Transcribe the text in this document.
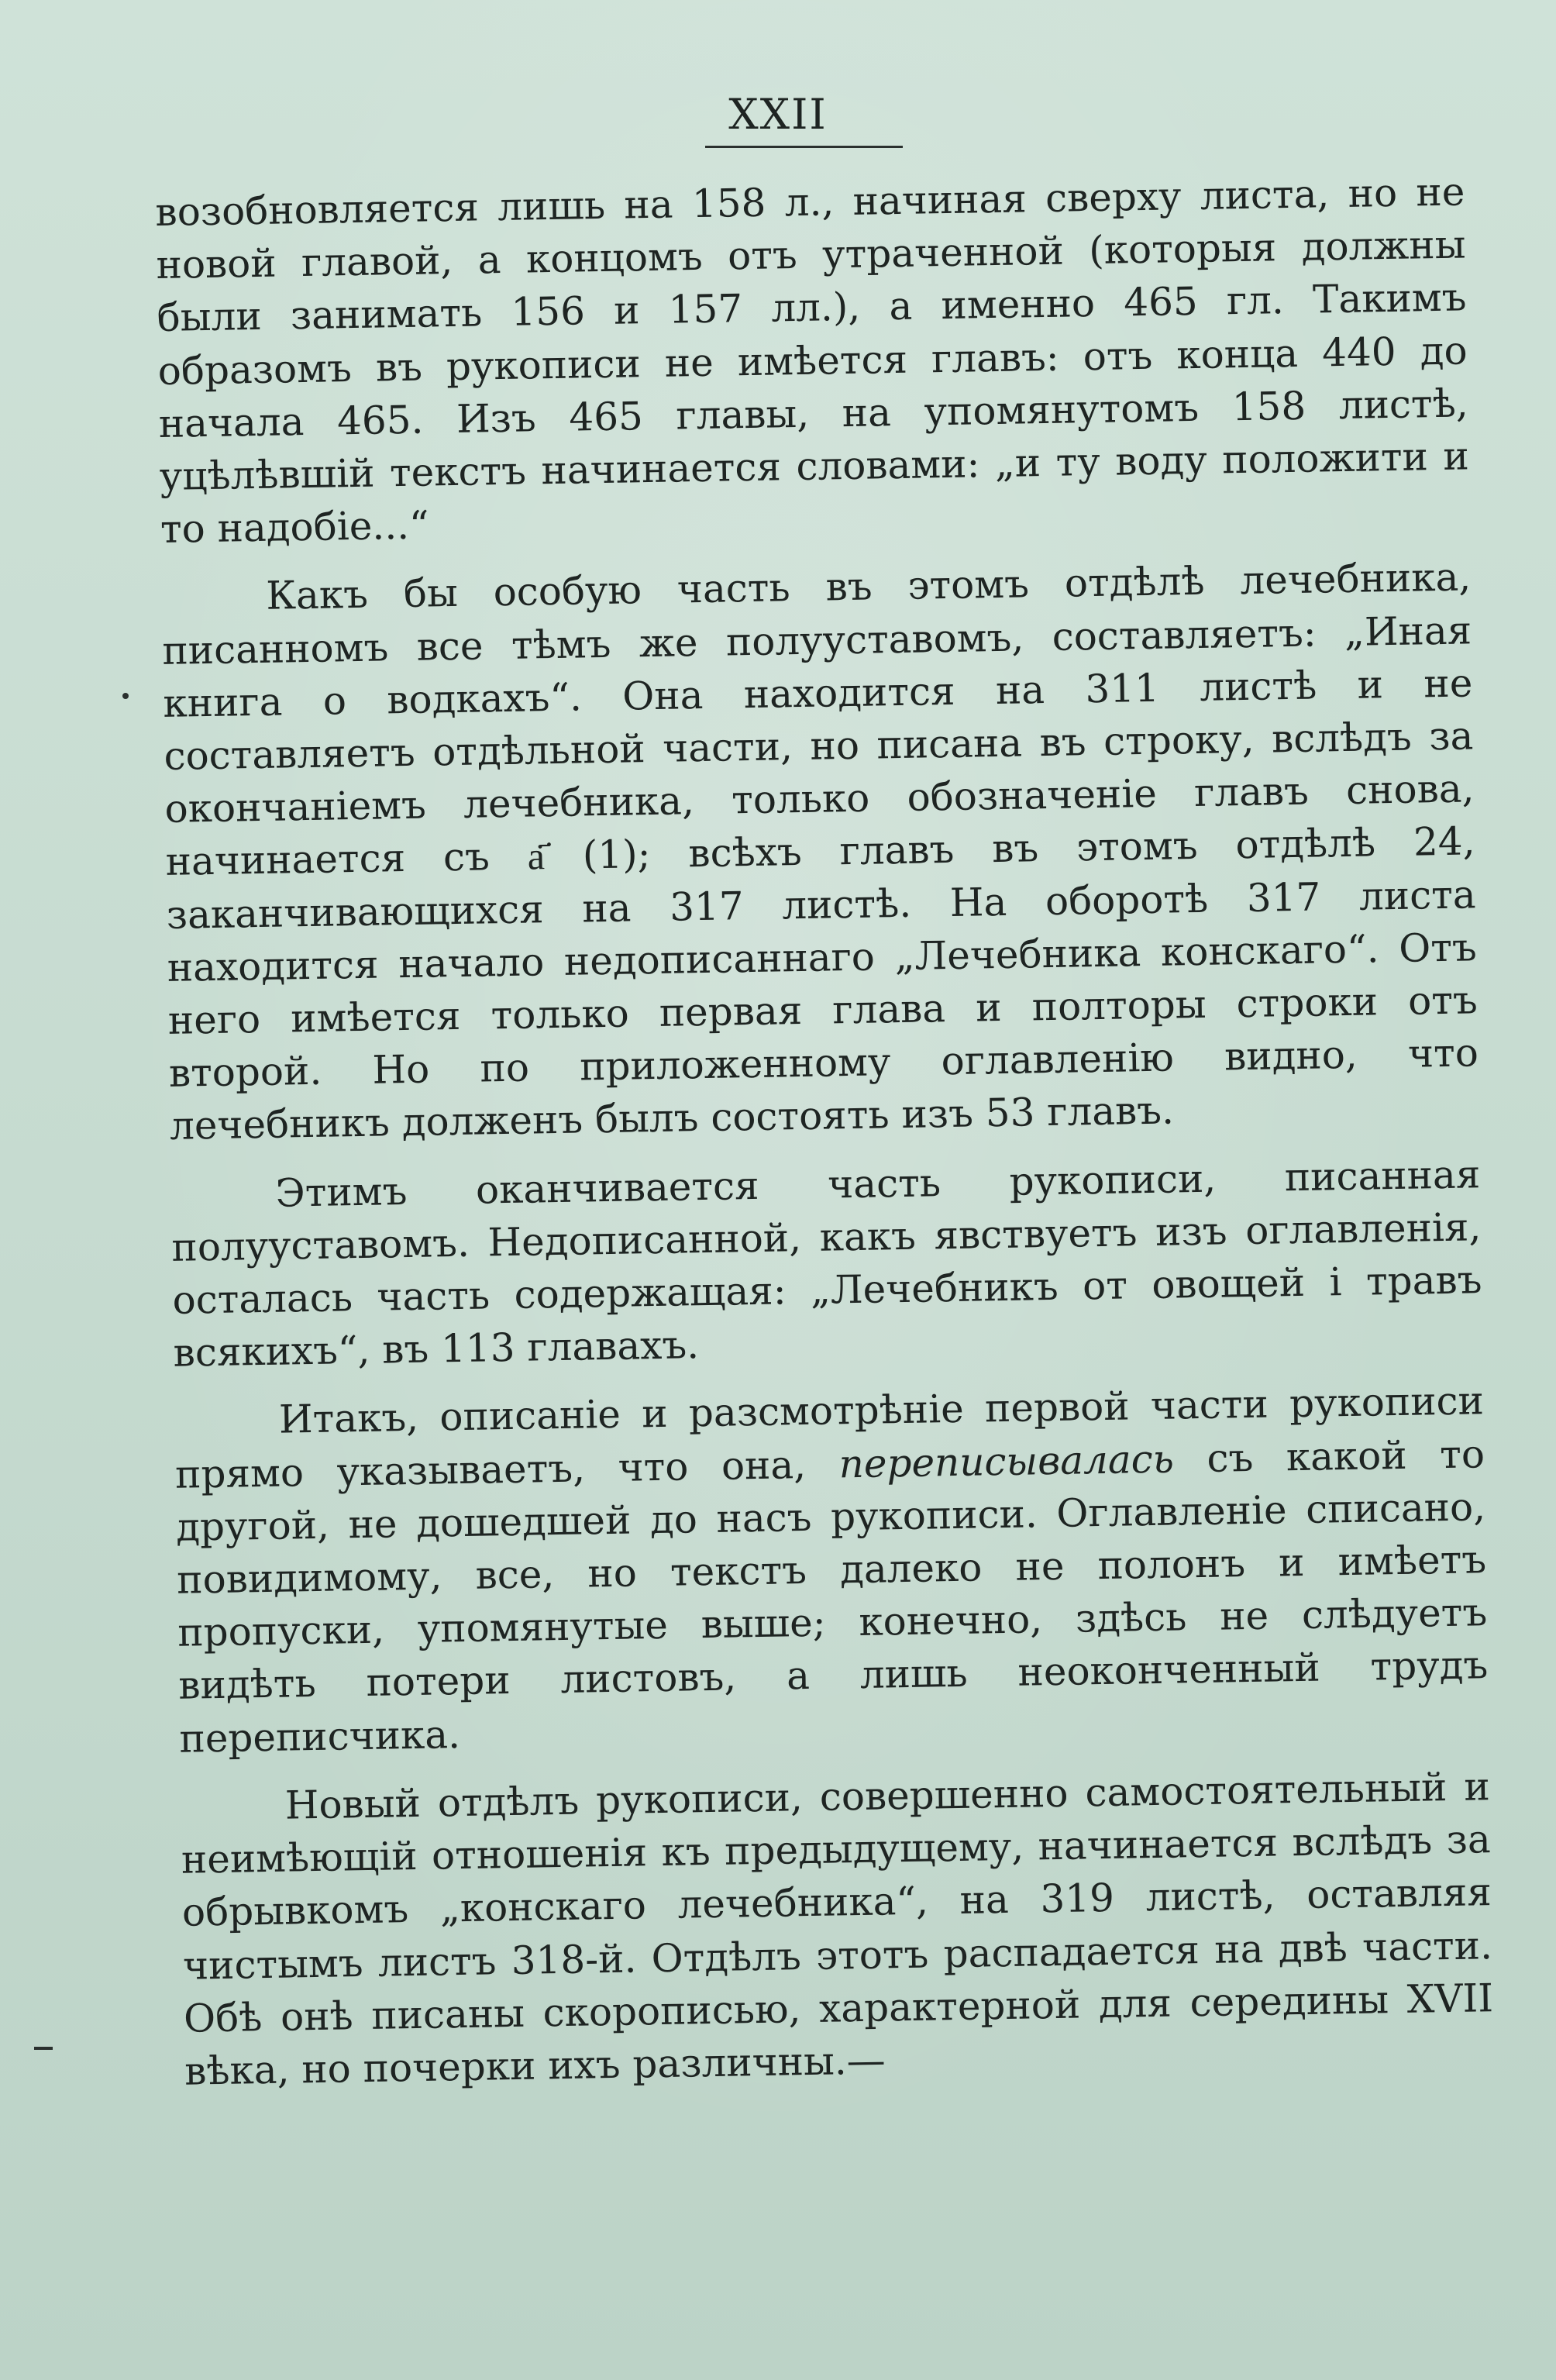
XXII

возобновляется лишь на 158 л., начиная сверху листа, но не новой главой, а концомъ отъ утраченной (которыя должны были занимать 156 и 157 лл.), а именно 465 гл. Такимъ образомъ въ рукописи не имѣется главъ: отъ конца 440 до начала 465. Изъ 465 главы, на упомянутомъ 158 листѣ, уцѣлѣвшій текстъ начинается словами: „и ту воду положити и то надобіе...“

Какъ бы особую часть въ этомъ отдѣлѣ лечебника, писанномъ все тѣмъ же полууставомъ, составляетъ: „Иная книга о водкахъ“. Она находится на 311 листѣ и не составляетъ отдѣльной части, но писана въ строку, вслѣдъ за окончаніемъ лечебника, только обозначеніе главъ снова, начинается съ а҃ (1); всѣхъ главъ въ этомъ отдѣлѣ 24, заканчивающихся на 317 листѣ. На оборотѣ 317 листа находится начало недописаннаго „Лечебника конскаго“. Отъ него имѣется только первая глава и полторы строки отъ второй. Но по приложенному оглавленію видно, что лечебникъ долженъ былъ состоять изъ 53 главъ.

Этимъ оканчивается часть рукописи, писанная полууставомъ. Недописанной, какъ явствуетъ изъ оглавленія, осталась часть содержащая: „Лечебникъ от овощей і травъ всякихъ“, въ 113 главахъ.

Итакъ, описаніе и разсмотрѣніе первой части рукописи прямо указываетъ, что она, переписывалась съ какой то другой, не дошедшей до насъ рукописи. Оглавленіе списано, повидимому, все, но текстъ далеко не полонъ и имѣетъ пропуски, упомянутые выше; конечно, здѣсь не слѣдуетъ видѣть потери листовъ, а лишь неоконченный трудъ переписчика.

Новый отдѣлъ рукописи, совершенно самостоятельный и неимѣющій отношенія къ предыдущему, начинается вслѣдъ за обрывкомъ „конскаго лечебника“, на 319 листѣ, оставляя чистымъ листъ 318-й. Отдѣлъ этотъ распадается на двѣ части. Обѣ онѣ писаны скорописью, характерной для середины XVII вѣка, но почерки ихъ различны.—
